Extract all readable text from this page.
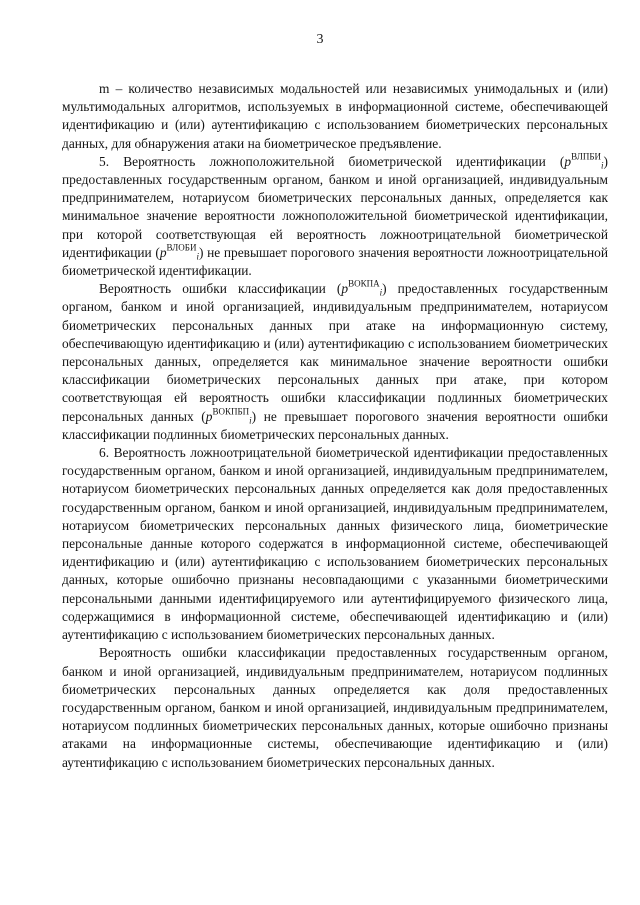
3

m – количество независимых модальностей или независимых унимодальных и (или) мультимодальных алгоритмов, используемых в информационной системе, обеспечивающей идентификацию и (или) аутентификацию с использованием биометрических персональных данных, для обнаружения атаки на биометрическое предъявление.

5. Вероятность ложноположительной биометрической идентификации $(p^{ВЛПБИ}_i)$ предоставленных государственным органом, банком и иной организацией, индивидуальным предпринимателем, нотариусом биометрических персональных данных, определяется как минимальное значение вероятности ложноположительной биометрической идентификации, при которой соответствующая ей вероятность ложноотрицательной биометрической идентификации $(p^{ВЛОБИ}_i)$ не превышает порогового значения вероятности ложноотрицательной биометрической идентификации.

Вероятность ошибки классификации $(p^{ВОКПА}_i)$ предоставленных государственным органом, банком и иной организацией, индивидуальным предпринимателем, нотариусом биометрических персональных данных при атаке на информационную систему, обеспечивающую идентификацию и (или) аутентификацию с использованием биометрических персональных данных, определяется как минимальное значение вероятности ошибки классификации биометрических персональных данных при атаке, при котором соответствующая ей вероятность ошибки классификации подлинных биометрических персональных данных $(p^{ВОКПБП}_i)$ не превышает порогового значения вероятности ошибки классификации подлинных биометрических персональных данных.

6. Вероятность ложноотрицательной биометрической идентификации предоставленных государственным органом, банком и иной организацией, индивидуальным предпринимателем, нотариусом биометрических персональных данных определяется как доля предоставленных государственным органом, банком и иной организацией, индивидуальным предпринимателем, нотариусом биометрических персональных данных физического лица, биометрические персональные данные которого содержатся в информационной системе, обеспечивающей идентификацию и (или) аутентификацию с использованием биометрических персональных данных, которые ошибочно признаны несовпадающими с указанными биометрическими персональными данными идентифицируемого или аутентифицируемого физического лица, содержащимися в информационной системе, обеспечивающей идентификацию и (или) аутентификацию с использованием биометрических персональных данных.

Вероятность ошибки классификации предоставленных государственным органом, банком и иной организацией, индивидуальным предпринимателем, нотариусом подлинных биометрических персональных данных определяется как доля предоставленных государственным органом, банком и иной организацией, индивидуальным предпринимателем, нотариусом подлинных биометрических персональных данных, которые ошибочно признаны атаками на информационные системы, обеспечивающие идентификацию и (или) аутентификацию с использованием биометрических персональных данных.
